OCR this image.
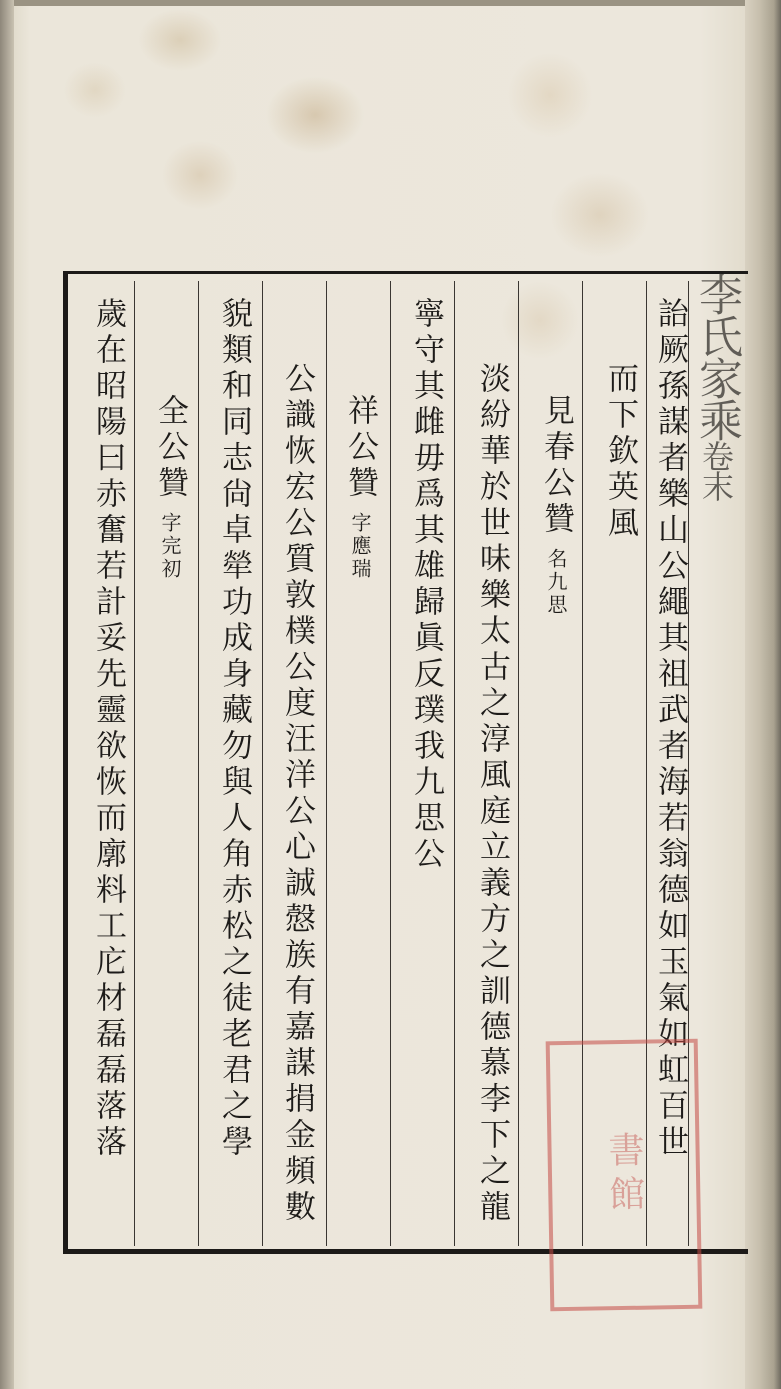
李氏家乘卷末
詒厥孫謀者樂山公繩其祖武者海若翁德如玉氣如虹百世
而下欽英風
見春公贊名九思
淡紛華於世味樂太古之淳風庭立義方之訓德慕李下之龍
寧守其雌毋爲其雄歸眞反璞我九思公
祥公贊字應瑞
公識恢宏公質敦樸公度汪洋公心誠慤族有嘉謀捐金頻數
貌類和同志尙卓犖功成身藏勿與人角赤松之徒老君之學
全公贊字完初
歲在昭陽曰赤奮若計妥先靈欲恢而廓料工庀材磊磊落落
書館
